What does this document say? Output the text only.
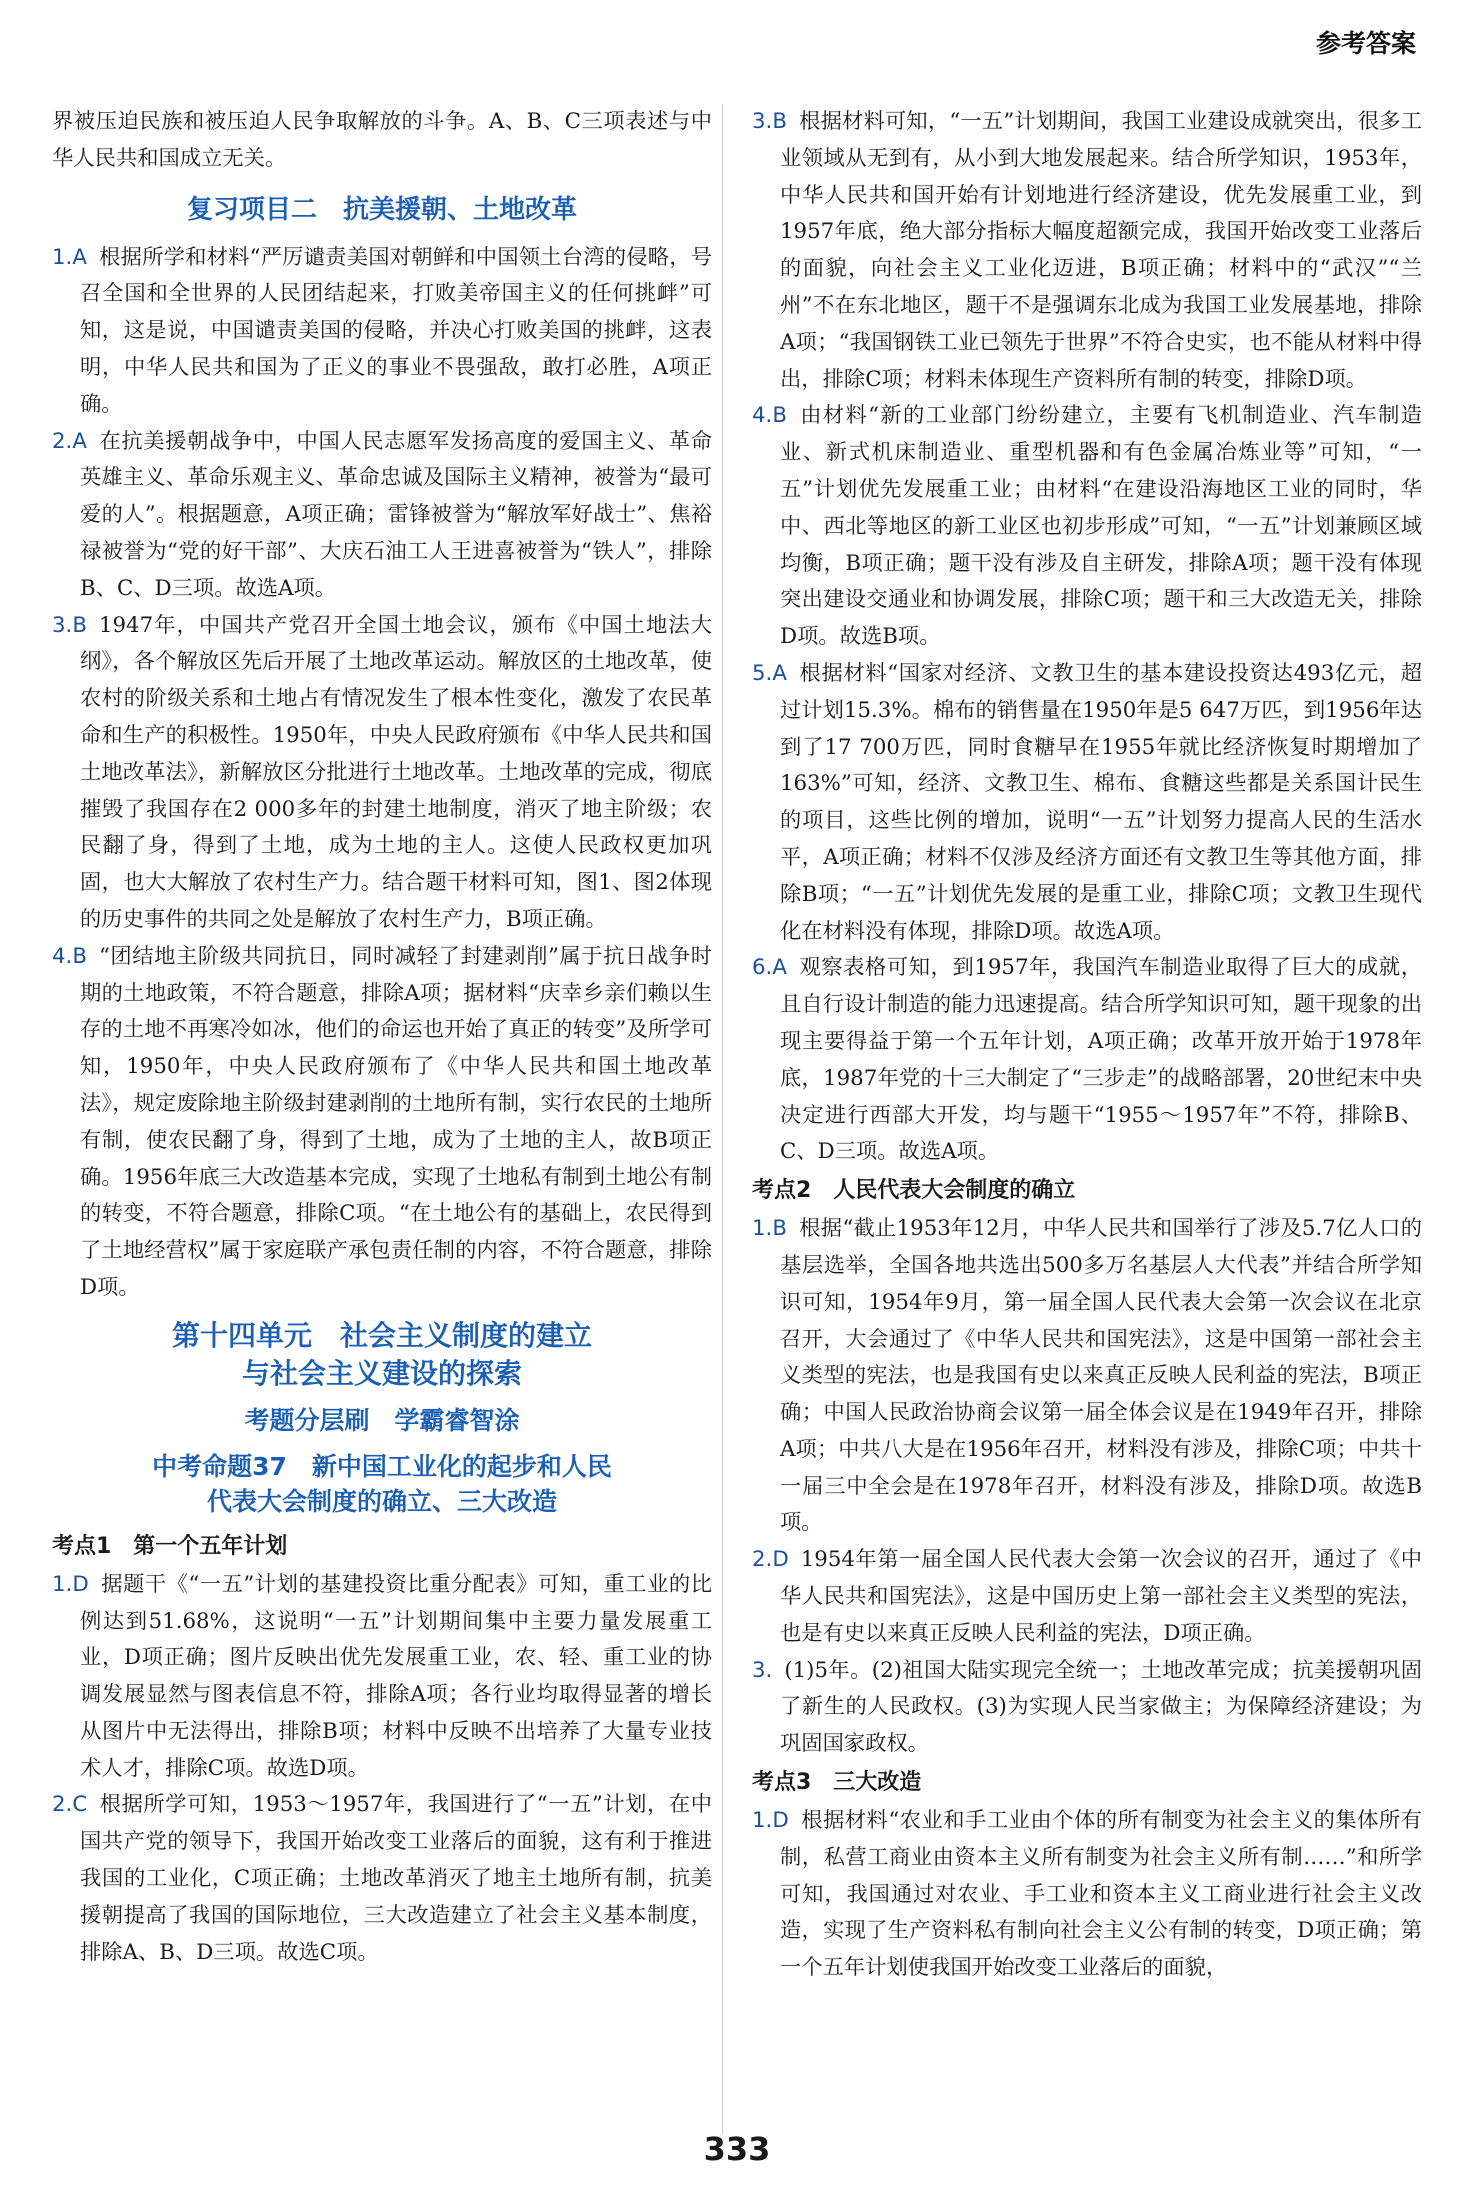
参考答案

界被压迫民族和被压迫人民争取解放的斗争。A、B、C三项表述与中华人民共和国成立无关。

复习项目二　抗美援朝、土地改革

1.A 根据所学和材料“严厉谴责美国对朝鲜和中国领土台湾的侵略，号召全国和全世界的人民团结起来，打败美帝国主义的任何挑衅”可知，这是说，中国谴责美国的侵略，并决心打败美国的挑衅，这表明，中华人民共和国为了正义的事业不畏强敌，敢打必胜，A项正确。

2.A 在抗美援朝战争中，中国人民志愿军发扬高度的爱国主义、革命英雄主义、革命乐观主义、革命忠诚及国际主义精神，被誉为“最可爱的人”。根据题意，A项正确；雷锋被誉为“解放军好战士”、焦裕禄被誉为“党的好干部”、大庆石油工人王进喜被誉为“铁人”，排除B、C、D三项。故选A项。

3.B 1947年，中国共产党召开全国土地会议，颁布《中国土地法大纲》，各个解放区先后开展了土地改革运动。解放区的土地改革，使农村的阶级关系和土地占有情况发生了根本性变化，激发了农民革命和生产的积极性。1950年，中央人民政府颁布《中华人民共和国土地改革法》，新解放区分批进行土地改革。土地改革的完成，彻底摧毁了我国存在2 000多年的封建土地制度，消灭了地主阶级；农民翻了身，得到了土地，成为土地的主人。这使人民政权更加巩固，也大大解放了农村生产力。结合题干材料可知，图1、图2体现的历史事件的共同之处是解放了农村生产力，B项正确。

4.B “团结地主阶级共同抗日，同时减轻了封建剥削”属于抗日战争时期的土地政策，不符合题意，排除A项；据材料“庆幸乡亲们赖以生存的土地不再寒冷如冰，他们的命运也开始了真正的转变”及所学可知，1950年，中央人民政府颁布了《中华人民共和国土地改革法》，规定废除地主阶级封建剥削的土地所有制，实行农民的土地所有制，使农民翻了身，得到了土地，成为了土地的主人，故B项正确。1956年底三大改造基本完成，实现了土地私有制到土地公有制的转变，不符合题意，排除C项。“在土地公有的基础上，农民得到了土地经营权”属于家庭联产承包责任制的内容，不符合题意，排除D项。

第十四单元　社会主义制度的建立
与社会主义建设的探索
考题分层刷　学霸睿智涂
中考命题37　新中国工业化的起步和人民
代表大会制度的确立、三大改造
考点1　第一个五年计划

1.D 据题干《“一五”计划的基建投资比重分配表》可知，重工业的比例达到51.68%，这说明“一五”计划期间集中主要力量发展重工业，D项正确；图片反映出优先发展重工业，农、轻、重工业的协调发展显然与图表信息不符，排除A项；各行业均取得显著的增长从图片中无法得出，排除B项；材料中反映不出培养了大量专业技术人才，排除C项。故选D项。

2.C 根据所学可知，1953～1957年，我国进行了“一五”计划，在中国共产党的领导下，我国开始改变工业落后的面貌，这有利于推进我国的工业化，C项正确；土地改革消灭了地主土地所有制，抗美援朝提高了我国的国际地位，三大改造建立了社会主义基本制度，排除A、B、D三项。故选C项。

3.B 根据材料可知，“一五”计划期间，我国工业建设成就突出，很多工业领域从无到有，从小到大地发展起来。结合所学知识，1953年，中华人民共和国开始有计划地进行经济建设，优先发展重工业，到1957年底，绝大部分指标大幅度超额完成，我国开始改变工业落后的面貌，向社会主义工业化迈进，B项正确；材料中的“武汉”“兰州”不在东北地区，题干不是强调东北成为我国工业发展基地，排除A项；“我国钢铁工业已领先于世界”不符合史实，也不能从材料中得出，排除C项；材料未体现生产资料所有制的转变，排除D项。

4.B 由材料“新的工业部门纷纷建立，主要有飞机制造业、汽车制造业、新式机床制造业、重型机器和有色金属冶炼业等”可知，“一五”计划优先发展重工业；由材料“在建设沿海地区工业的同时，华中、西北等地区的新工业区也初步形成”可知，“一五”计划兼顾区域均衡，B项正确；题干没有涉及自主研发，排除A项；题干没有体现突出建设交通业和协调发展，排除C项；题干和三大改造无关，排除D项。故选B项。

5.A 根据材料“国家对经济、文教卫生的基本建设投资达493亿元，超过计划15.3%。棉布的销售量在1950年是5 647万匹，到1956年达到了17 700万匹，同时食糖早在1955年就比经济恢复时期增加了163%”可知，经济、文教卫生、棉布、食糖这些都是关系国计民生的项目，这些比例的增加，说明“一五”计划努力提高人民的生活水平，A项正确；材料不仅涉及经济方面还有文教卫生等其他方面，排除B项；“一五”计划优先发展的是重工业，排除C项；文教卫生现代化在材料没有体现，排除D项。故选A项。

6.A 观察表格可知，到1957年，我国汽车制造业取得了巨大的成就，且自行设计制造的能力迅速提高。结合所学知识可知，题干现象的出现主要得益于第一个五年计划，A项正确；改革开放开始于1978年底，1987年党的十三大制定了“三步走”的战略部署，20世纪末中央决定进行西部大开发，均与题干“1955～1957年”不符，排除B、C、D三项。故选A项。

考点2　人民代表大会制度的确立

1.B 根据“截止1953年12月，中华人民共和国举行了涉及5.7亿人口的基层选举，全国各地共选出500多万名基层人大代表”并结合所学知识可知，1954年9月，第一届全国人民代表大会第一次会议在北京召开，大会通过了《中华人民共和国宪法》，这是中国第一部社会主义类型的宪法，也是我国有史以来真正反映人民利益的宪法，B项正确；中国人民政治协商会议第一届全体会议是在1949年召开，排除A项；中共八大是在1956年召开，材料没有涉及，排除C项；中共十一届三中全会是在1978年召开，材料没有涉及，排除D项。故选B项。

2.D 1954年第一届全国人民代表大会第一次会议的召开，通过了《中华人民共和国宪法》，这是中国历史上第一部社会主义类型的宪法，也是有史以来真正反映人民利益的宪法，D项正确。

3. (1)5年。(2)祖国大陆实现完全统一；土地改革完成；抗美援朝巩固了新生的人民政权。(3)为实现人民当家做主；为保障经济建设；为巩固国家政权。

考点3　三大改造

1.D 根据材料“农业和手工业由个体的所有制变为社会主义的集体所有制，私营工商业由资本主义所有制变为社会主义所有制……”和所学可知，我国通过对农业、手工业和资本主义工商业进行社会主义改造，实现了生产资料私有制向社会主义公有制的转变，D项正确；第一个五年计划使我国开始改变工业落后的面貌，

333
